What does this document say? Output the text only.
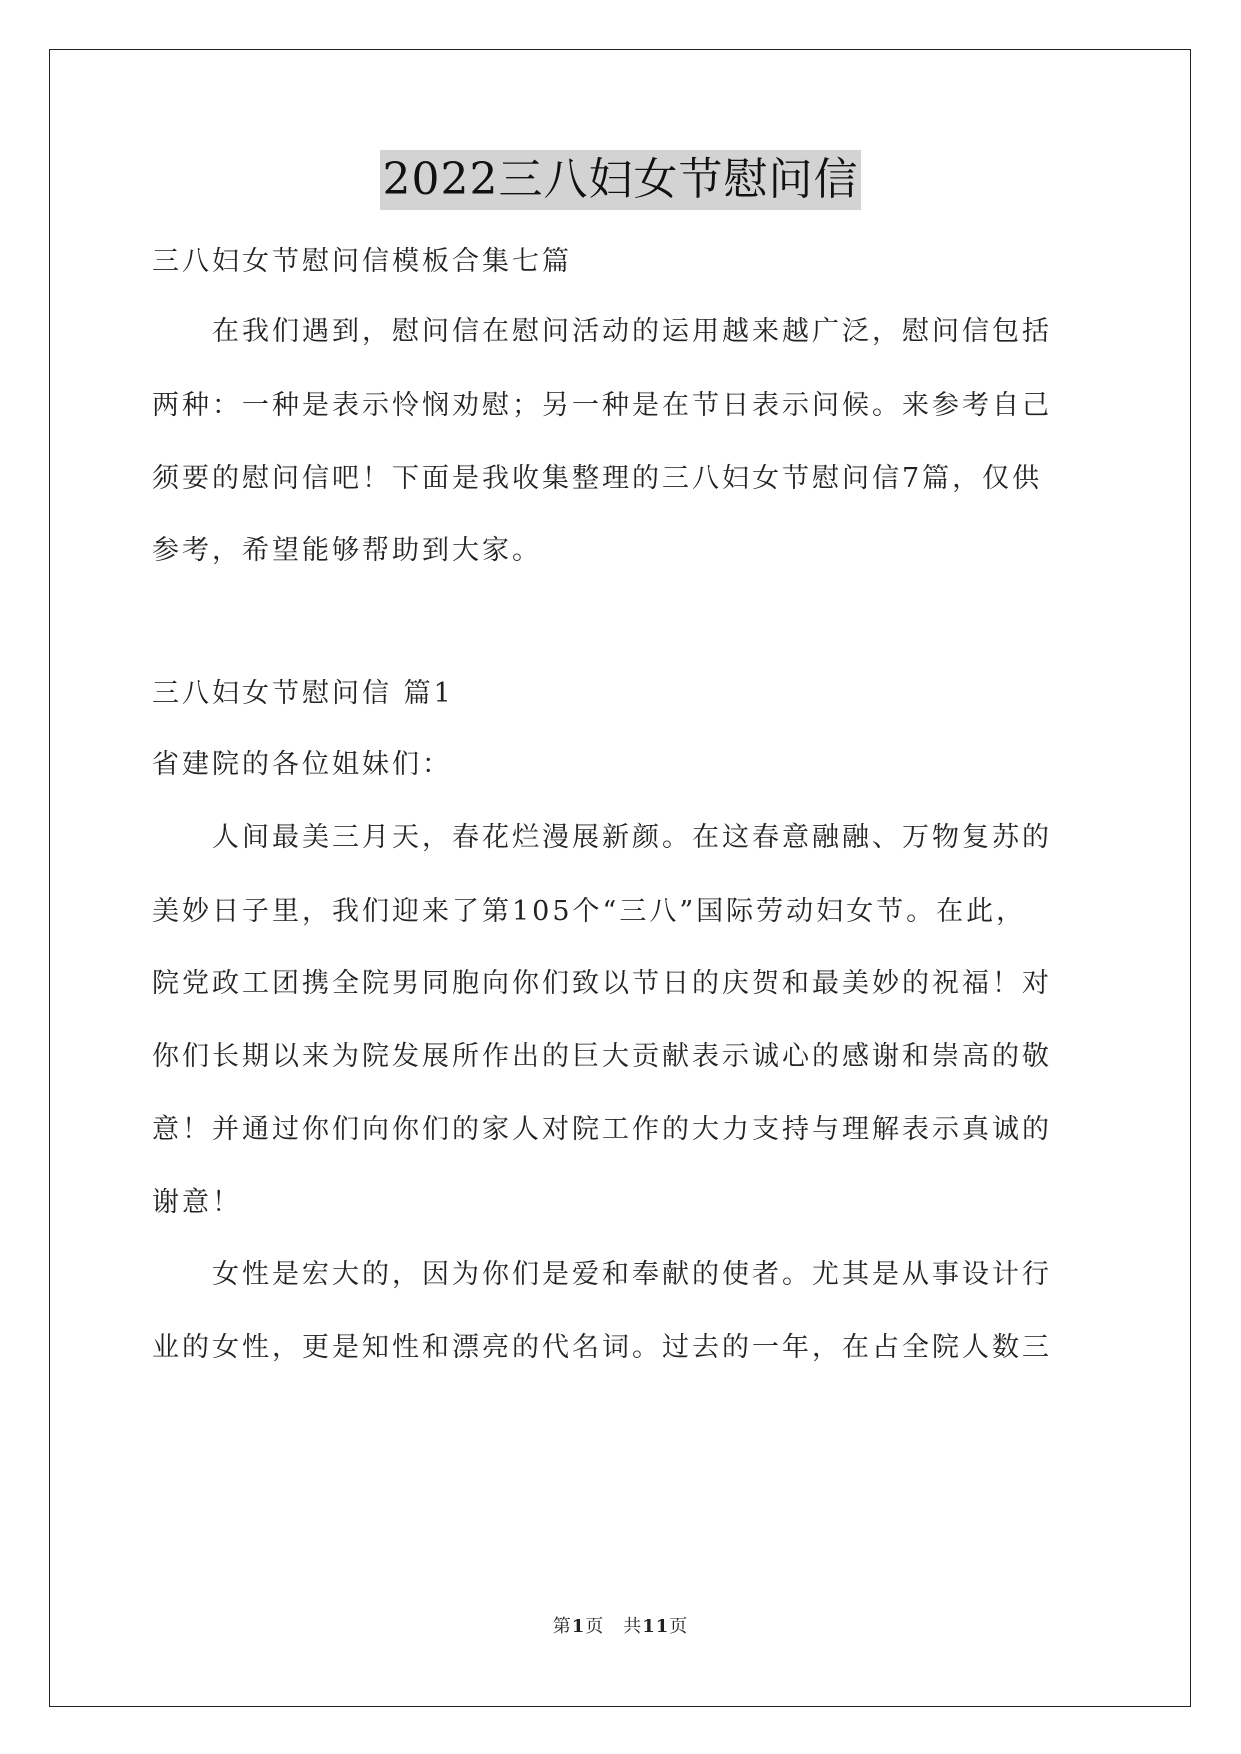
2022三八妇女节慰问信
三八妇女节慰问信模板合集七篇
　　在我们遇到，慰问信在慰问活动的运用越来越广泛，慰问信包括
两种：一种是表示怜悯劝慰；另一种是在节日表示问候。来参考自己
须要的慰问信吧！下面是我收集整理的三八妇女节慰问信7篇，仅供
参考，希望能够帮助到大家。
三八妇女节慰问信 篇1
省建院的各位姐妹们：
　　人间最美三月天，春花烂漫展新颜。在这春意融融、万物复苏的
美妙日子里，我们迎来了第105个“三八”国际劳动妇女节。在此，
院党政工团携全院男同胞向你们致以节日的庆贺和最美妙的祝福！对
你们长期以来为院发展所作出的巨大贡献表示诚心的感谢和崇高的敬
意！并通过你们向你们的家人对院工作的大力支持与理解表示真诚的
谢意！
　　女性是宏大的，因为你们是爱和奉献的使者。尤其是从事设计行
业的女性，更是知性和漂亮的代名词。过去的一年，在占全院人数三
第1页　共11页
